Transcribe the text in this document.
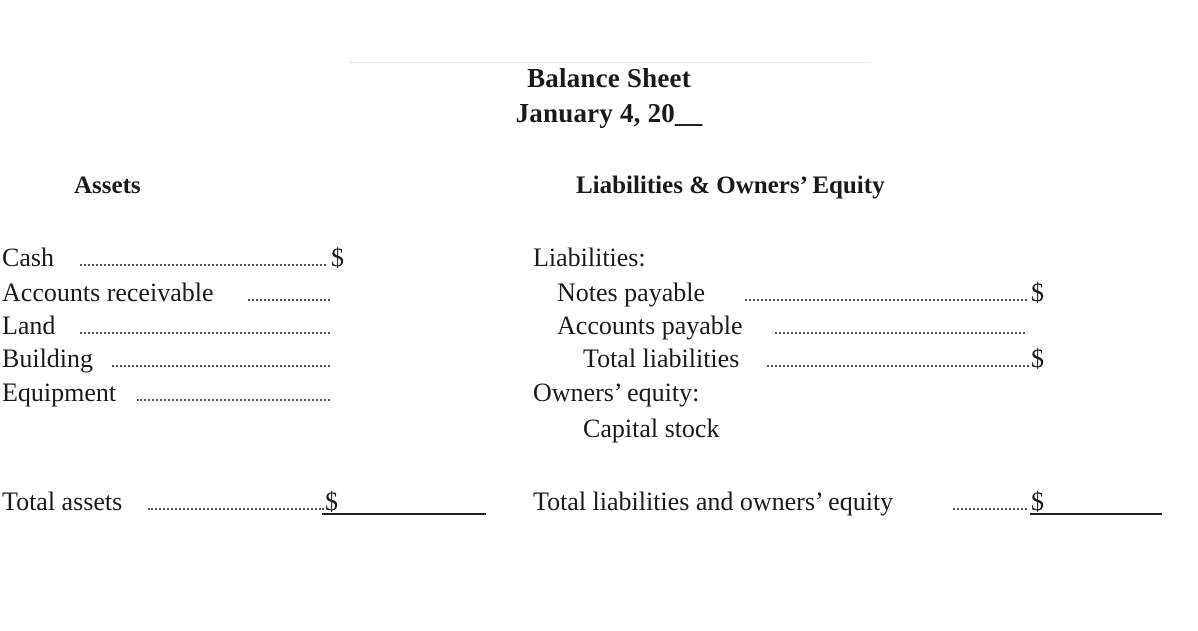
Balance Sheet
January 4, 20__
Assets
Cash	$
Accounts receivable
Land
Building
Equipment
Total assets	$
Liabilities & Owners’ Equity
Liabilities:
Notes payable	$
Accounts payable
Total liabilities	$
Owners’ equity:
Capital stock
Total liabilities and owners’ equity	$
